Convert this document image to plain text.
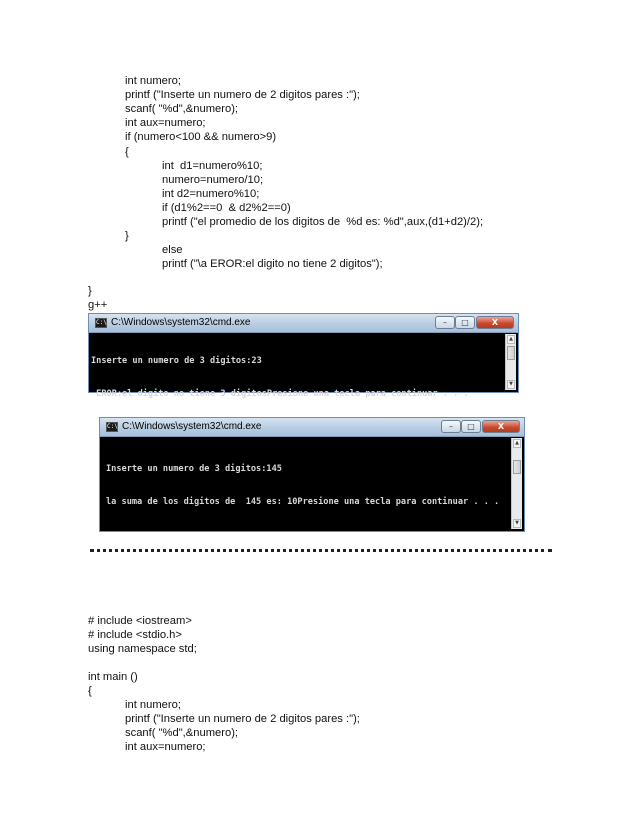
int numero;
printf ("Inserte un numero de 2 digitos pares :");
scanf( "%d",&numero);
int aux=numero;
if (numero<100 && numero>9)
{
int  d1=numero%10;
numero=numero/10;
int d2=numero%10;
if (d1%2==0  & d2%2==0)
printf ("el promedio de los digitos de  %d es: %d",aux,(d1+d2)/2);
}
else
printf ("\a EROR:el digito no tiene 2 digitos");
}
g++
C:\ C:\Windows\system32\cmd.exe	–	□	X

Inserte un numero de 3 digitos:23

EROR:el digito no tiene 3 digitosPresione una tecla para continuar . . .

▲
▼
C:\ C:\Windows\system32\cmd.exe	–	□	X

Inserte un numero de 3 digitos:145

la suma de los digitos de  145 es: 10Presione una tecla para continuar . . .

▲
▼
# include <iostream>
# include <stdio.h>
using namespace std;
int main ()
{
int numero;
printf ("Inserte un numero de 2 digitos pares :");
scanf( "%d",&numero);
int aux=numero;
